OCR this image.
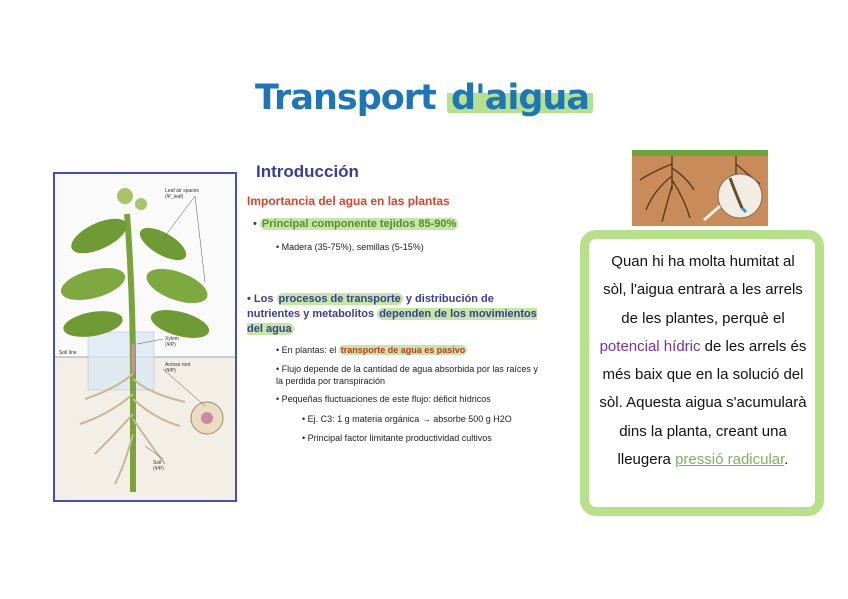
Transport d'aigua
Leaf air spaces
(Ψ_leaf)
Xylem
(ΨP)
Soil line
Across root
(ΨP)
Soil
(ΨP)
Introducción
Importancia del agua en las plantas
• Principal componente tejidos 85-90%
• Madera (35-75%), semillas (5-15%)
• Los procesos de transporte y distribución de nutrientes y metabolitos dependen de los movimientos del agua
• En plantas: el transporte de agua es pasivo
• Flujo depende de la cantidad de agua absorbida por las raíces y la perdida por transpiración
• Pequeñas fluctuaciones de este flujo: déficit hídricos
• Ej. C3: 1 g materia orgánica → absorbe 500 g H2O
• Principal factor limitante productividad cultivos
Quan hi ha molta humitat al sòl, l'aigua entrarà a les arrels de les plantes, perquè el potencial hídric de les arrels és més baix que en la solució del sòl. Aquesta aigua s'acumularà dins la planta, creant una lleugera pressió radicular.
